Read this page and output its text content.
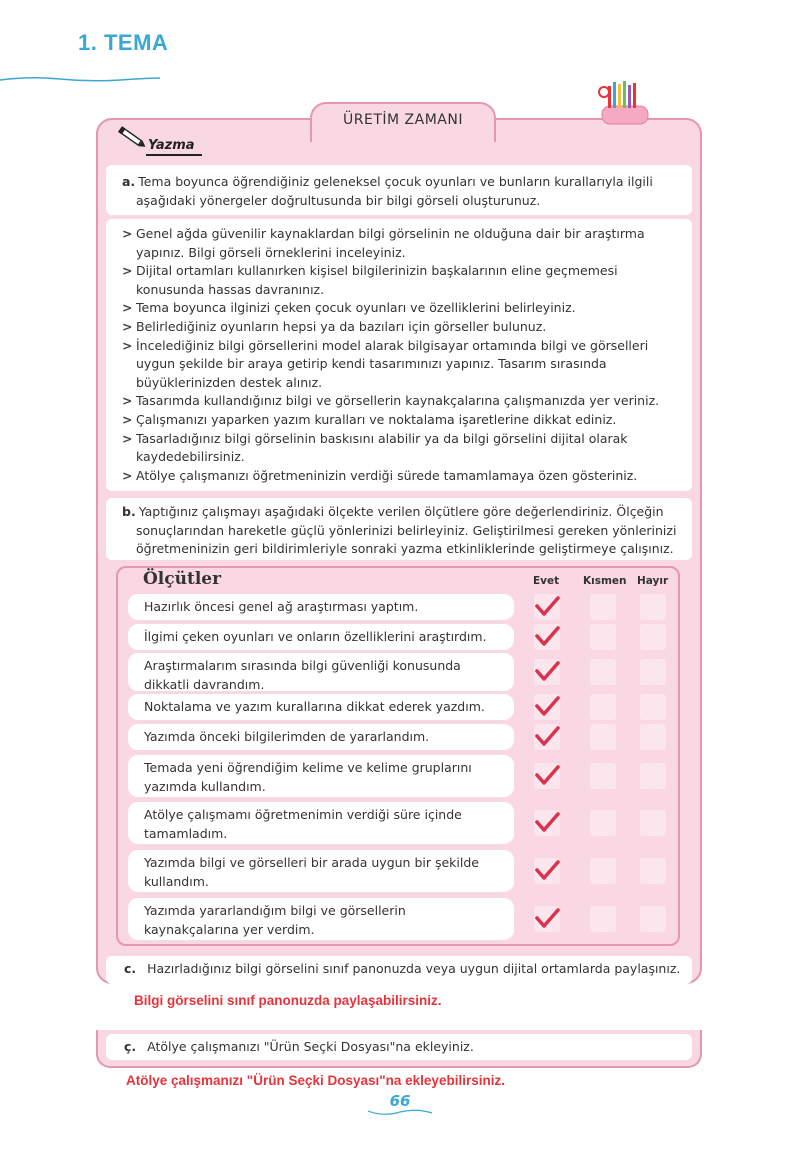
1. TEMA
ÜRETİM ZAMANI
Yazma
a. Tema boyunca öğrendiğiniz geleneksel çocuk oyunları ve bunların kurallarıyla ilgili aşağıdaki yönergeler doğrultusunda bir bilgi görseli oluşturunuz.
> Genel ağda güvenilir kaynaklardan bilgi görselinin ne olduğuna dair bir araştırma yapınız. Bilgi görseli örneklerini inceleyiniz.
> Dijital ortamları kullanırken kişisel bilgilerinizin başkalarının eline geçmemesi konusunda hassas davranınız.
> Tema boyunca ilginizi çeken çocuk oyunları ve özelliklerini belirleyiniz.
> Belirlediğiniz oyunların hepsi ya da bazıları için görseller bulunuz.
> İncelediğiniz bilgi görsellerini model alarak bilgisayar ortamında bilgi ve görselleri uygun şekilde bir araya getirip kendi tasarımınızı yapınız. Tasarım sırasında büyüklerinizden destek alınız.
> Tasarımda kullandığınız bilgi ve görsellerin kaynakçalarına çalışmanızda yer veriniz.
> Çalışmanızı yaparken yazım kuralları ve noktalama işaretlerine dikkat ediniz.
> Tasarladığınız bilgi görselinin baskısını alabilir ya da bilgi görselini dijital olarak kaydedebilirsiniz.
> Atölye çalışmanızı öğretmeninizin verdiği sürede tamamlamaya özen gösteriniz.
b. Yaptığınız çalışmayı aşağıdaki ölçekte verilen ölçütlere göre değerlendiriniz. Ölçeğin sonuçlarından hareketle güçlü yönlerinizi belirleyiniz. Geliştirilmesi gereken yönlerinizi öğretmeninizin geri bildirimleriyle sonraki yazma etkinliklerinde geliştirmeye çalışınız.
Ölçütler	Evet Kısmen Hayır
Hazırlık öncesi genel ağ araştırması yaptım.
İlgimi çeken oyunları ve onların özelliklerini araştırdım.
Araştırmalarım sırasında bilgi güvenliği konusunda dikkatli davrandım.
Noktalama ve yazım kurallarına dikkat ederek yazdım.
Yazımda önceki bilgilerimden de yararlandım.
Temada yeni öğrendiğim kelime ve kelime gruplarını yazımda kullandım.
Atölye çalışmamı öğretmenimin verdiği süre içinde tamamladım.
Yazımda bilgi ve görselleri bir arada uygun bir şekilde kullandım.
Yazımda yararlandığım bilgi ve görsellerin kaynakçalarına yer verdim.
c. Hazırladığınız bilgi görselini sınıf panonuzda veya uygun dijital ortamlarda paylaşınız.
Bilgi görselini sınıf panonuzda paylaşabilirsiniz.
ç. Atölye çalışmanızı "Ürün Seçki Dosyası"na ekleyiniz.
Atölye çalışmanızı "Ürün Seçki Dosyası"na ekleyebilirsiniz.
66
